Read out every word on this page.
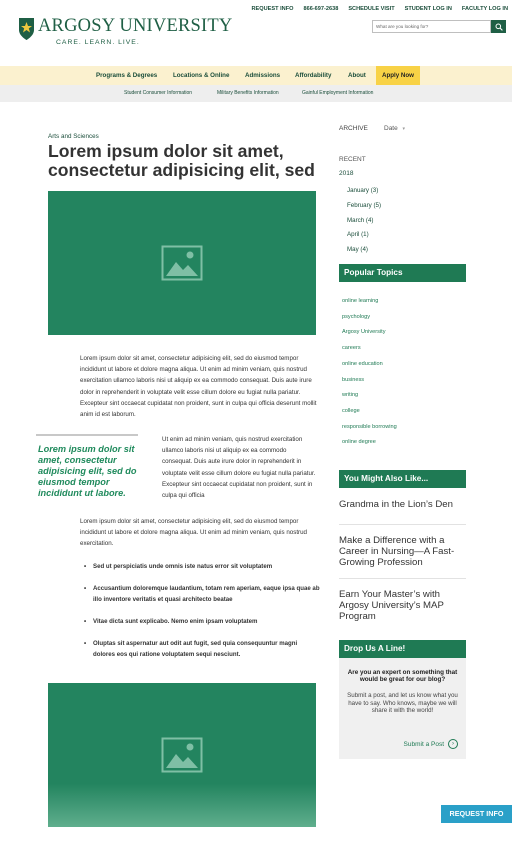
REQUEST INFO 866-697-2638 SCHEDULE VISIT STUDENT LOG IN FACULTY LOG IN
ARGOSY UNIVERSITY
CARE. LEARN. LIVE.
What are you looking for?
Programs & Degrees	Locations & Online	Admissions Affordability	About	Apply Now
Student Consumer Information	Military Benefits Information	Gainful Employment Information
Arts and Sciences
Lorem ipsum dolor sit amet, consectetur adipisicing elit, sed

Lorem ipsum dolor sit amet, consectetur adipisicing elit, sed do eiusmod tempor incididunt ut labore et dolore magna aliqua. Ut enim ad minim veniam, quis nostrud exercitation ullamco laboris nisi ut aliquip ex ea commodo consequat. Duis aute irure dolor in reprehenderit in voluptate velit esse cillum dolore eu fugiat nulla pariatur. Excepteur sint occaecat cupidatat non proident, sunt in culpa qui officia deserunt mollit anim id est laborum.

Lorem ipsum dolor sit amet, consectetur adipisicing elit, sed do eiusmod tempor incididunt ut labore.

Ut enim ad minim veniam, quis nostrud exercitation ullamco laboris nisi ut aliquip ex ea commodo consequat. Duis aute irure dolor in reprehenderit in voluptate velit esse cillum dolore eu fugiat nulla pariatur. Excepteur sint occaecat cupidatat non proident, sunt in culpa qui officia

Lorem ipsum dolor sit amet, consectetur adipisicing elit, sed do eiusmod tempor incididunt ut labore et dolore magna aliqua. Ut enim ad minim veniam, quis nostrud exercitation.

• Sed ut perspiciatis unde omnis iste natus error sit voluptatem
• Accusantium doloremque laudantium, totam rem aperiam, eaque ipsa quae ab illo inventore veritatis et quasi architecto beatae
• Vitae dicta sunt explicabo. Nemo enim ipsam voluptatem
• Oluptas sit aspernatur aut odit aut fugit, sed quia consequuntur magni dolores eos qui ratione voluptatem sequi nesciunt.
ARCHIVE Date ▾
RECENT
2018
January (3)
February (5)
March (4)
April (1)
May (4)
Popular Topics
online learning
psychology
Argosy University
careers
online education
business
writing
college
responsible borrowing
online degree
You Might Also Like...
Grandma in the Lion’s Den
Make a Difference with a Career in Nursing—A Fast-Growing Profession
Earn Your Master’s with Argosy University’s MAP Program
Drop Us A Line!
Are you an expert on something that would be great for our blog?
Submit a post, and let us know what you have to say. Who knows, maybe we will share it with the world!
Submit a Post	›
REQUEST INFO
